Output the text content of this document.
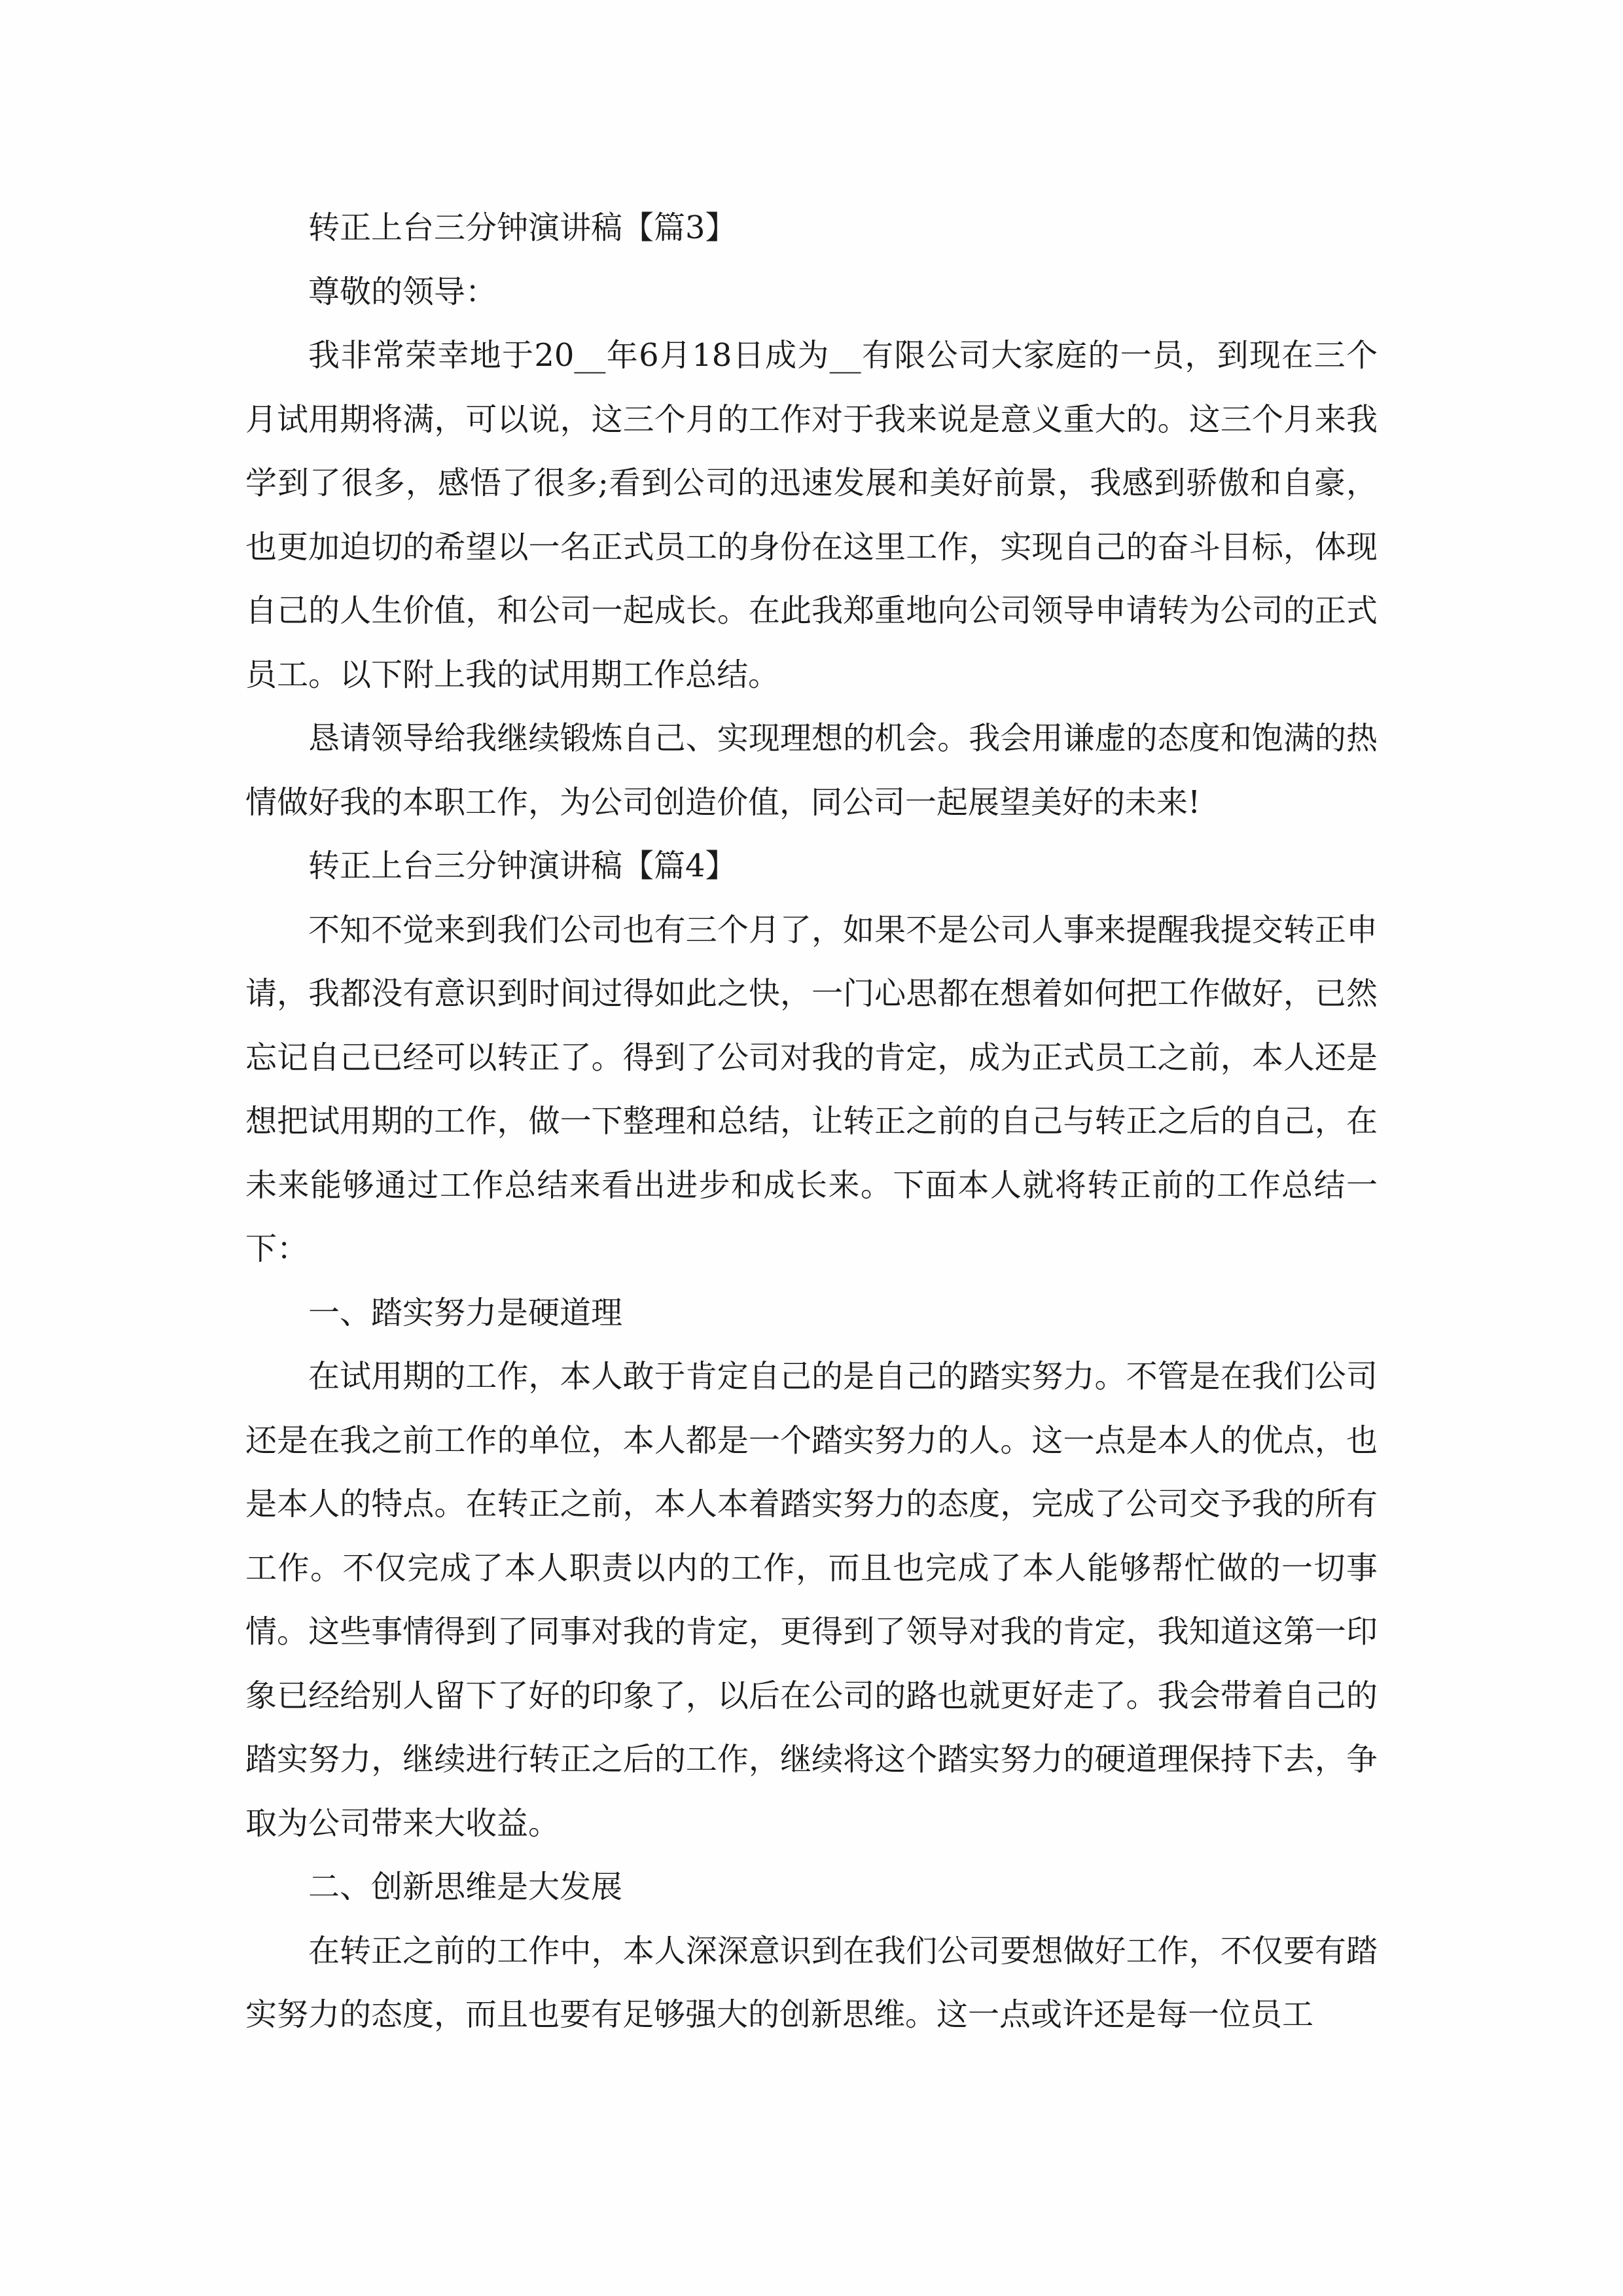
转正上台三分钟演讲稿【篇3】

尊敬的领导：

我非常荣幸地于20__年6月18日成为__有限公司大家庭的一员，到现在三个月试用期将满，可以说，这三个月的工作对于我来说是意义重大的。这三个月来我学到了很多，感悟了很多;看到公司的迅速发展和美好前景，我感到骄傲和自豪，也更加迫切的希望以一名正式员工的身份在这里工作，实现自己的奋斗目标，体现自己的人生价值，和公司一起成长。在此我郑重地向公司领导申请转为公司的正式员工。以下附上我的试用期工作总结。

恳请领导给我继续锻炼自己、实现理想的机会。我会用谦虚的态度和饱满的热情做好我的本职工作，为公司创造价值，同公司一起展望美好的未来!

转正上台三分钟演讲稿【篇4】

不知不觉来到我们公司也有三个月了，如果不是公司人事来提醒我提交转正申请，我都没有意识到时间过得如此之快，一门心思都在想着如何把工作做好，已然忘记自己已经可以转正了。得到了公司对我的肯定，成为正式员工之前，本人还是想把试用期的工作，做一下整理和总结，让转正之前的自己与转正之后的自己，在未来能够通过工作总结来看出进步和成长来。下面本人就将转正前的工作总结一下：

一、踏实努力是硬道理

在试用期的工作，本人敢于肯定自己的是自己的踏实努力。不管是在我们公司还是在我之前工作的单位，本人都是一个踏实努力的人。这一点是本人的优点，也是本人的特点。在转正之前，本人本着踏实努力的态度，完成了公司交予我的所有工作。不仅完成了本人职责以内的工作，而且也完成了本人能够帮忙做的一切事情。这些事情得到了同事对我的肯定，更得到了领导对我的肯定，我知道这第一印象已经给别人留下了好的印象了，以后在公司的路也就更好走了。我会带着自己的踏实努力，继续进行转正之后的工作，继续将这个踏实努力的硬道理保持下去，争取为公司带来大收益。

二、创新思维是大发展

在转正之前的工作中，本人深深意识到在我们公司要想做好工作，不仅要有踏实努力的态度，而且也要有足够强大的创新思维。这一点或许还是每一位员工
